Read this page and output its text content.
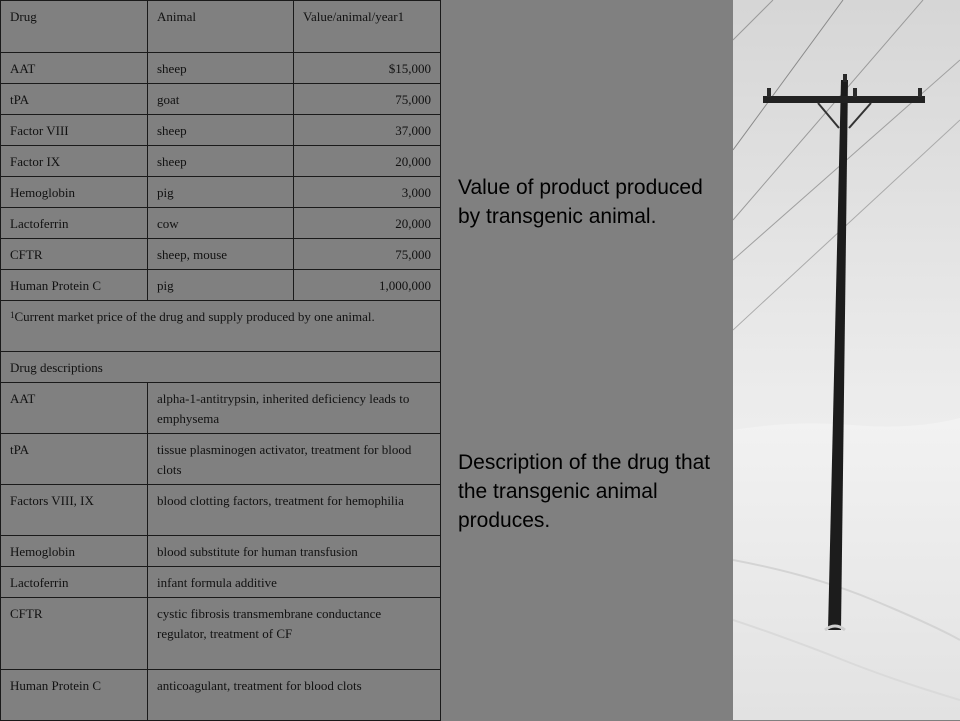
Drug	Animal	Value/animal/year1
AAT	sheep	$15,000
tPA	goat	75,000
Factor VIII	sheep	37,000
Factor IX	sheep	20,000
Hemoglobin	pig	3,000
Lactoferrin	cow	20,000
CFTR	sheep, mouse	75,000
Human Protein C	pig	1,000,000
$^1$Current market price of the drug and supply produced by one animal.		
Drug descriptions		
AAT	alpha-1-antitrypsin, inherited deficiency leads to emphysema	
tPA	tissue plasminogen activator, treatment for blood clots	
Factors VIII, IX	blood clotting factors, treatment for hemophilia	
Hemoglobin	blood substitute for human transfusion	
Lactoferrin	infant formula additive	
CFTR	cystic fibrosis transmembrane conductance regulator, treatment of CF	
Human Protein C	anticoagulant, treatment for blood clots	
Value of product produced by transgenic animal.
Description of the drug that the transgenic animal produces.
